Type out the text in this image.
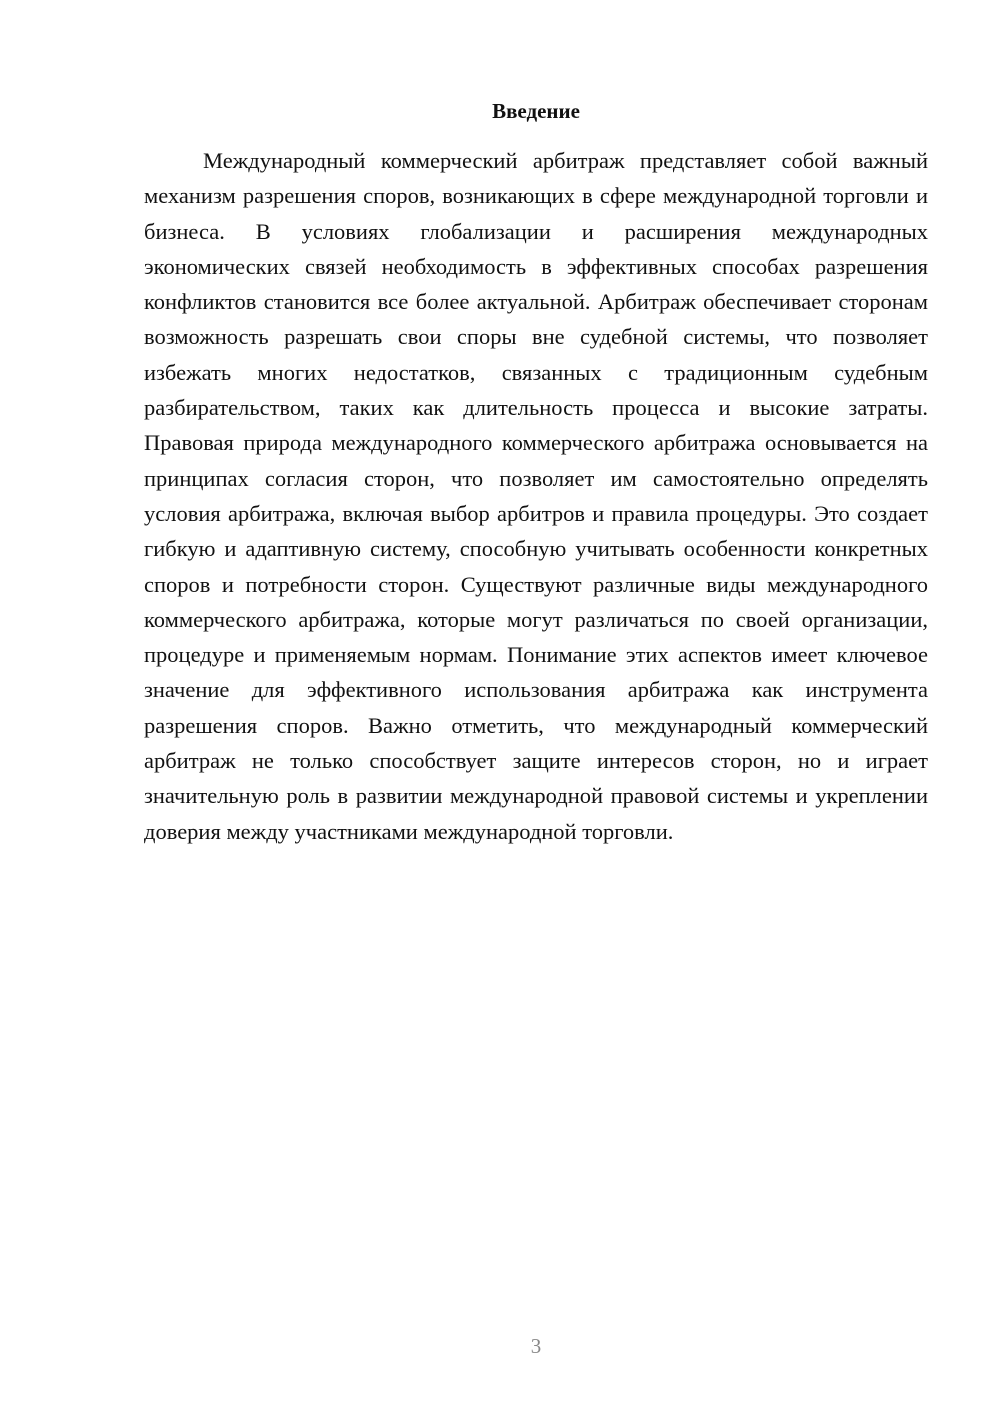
Введение

Международный коммерческий арбитраж представляет собой важный механизм разрешения споров, возникающих в сфере международной торговли и бизнеса. В условиях глобализации и расширения международных экономических связей необходимость в эффективных способах разрешения конфликтов становится все более актуальной. Арбитраж обеспечивает сторонам возможность разрешать свои споры вне судебной системы, что позволяет избежать многих недостатков, связанных с традиционным судебным разбирательством, таких как длительность процесса и высокие затраты. Правовая природа международного коммерческого арбитража основывается на принципах согласия сторон, что позволяет им самостоятельно определять условия арбитража, включая выбор арбитров и правила процедуры. Это создает гибкую и адаптивную систему, способную учитывать особенности конкретных споров и потребности сторон. Существуют различные виды международного коммерческого арбитража, которые могут различаться по своей организации, процедуре и применяемым нормам. Понимание этих аспектов имеет ключевое значение для эффективного использования арбитража как инструмента разрешения споров. Важно отметить, что международный коммерческий арбитраж не только способствует защите интересов сторон, но и играет значительную роль в развитии международной правовой системы и укреплении доверия между участниками международной торговли.

3
